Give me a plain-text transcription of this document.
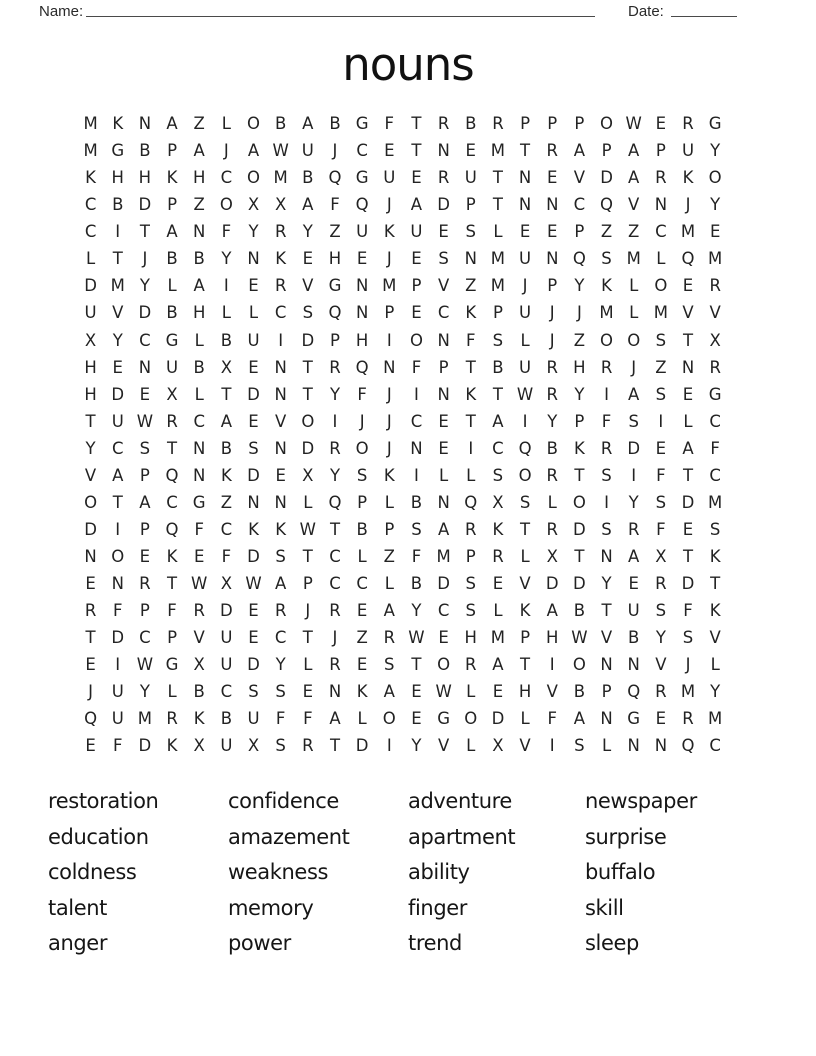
Name:	Date:
nouns
M K N A Z	L O B A B G F	T R B R P	P	P O W E R G
M G B	P	A	J	A W U	J	C E	T N E M T R A	P	A	P U Y
K H H K H C O M B Q G U E R U T N E V D A R K O
C B D P	Z O X X A	F Q	J	A D P	T N N C Q V N	J	Y
C	I	T A N F	Y R Y Z U K U E	S	L	E	E	P	Z Z C M E
L	T	J	B B Y N K	E H E	J	E	S N M U N Q S M L Q M
D M Y	L	A	I	E R V G N M P	V Z M	J	P	Y	K	L O E R
U V D B H L	L	C S Q N P	E C K	P U	J	J	M L M V V
X Y C G L	B U	I	D P H	I	O N F	S	L	J	Z O O S	T X
H E N U B X E N T R Q N F	P	T B U R H R	J	Z N R
H D E X	L	T D N T	Y	F	J	I	N K	T W R Y	I	A S	E G
T U W R C A E V O	I	J	J	C E	T A	I	Y	P	F	S	I	L	C
Y C S	T N B S N D R O	J	N E	I	C Q B K R D E A	F
V A	P Q N K D E X Y	S	K	I	L	L	S O R T	S	I	F	T C
O T A C G Z N N L Q P	L	B N Q X S	L O	I	Y	S D M
D	I	P Q F	C K K W T B	P	S A R K	T R D S R	F	E	S
N O E	K	E	F D S	T C	L	Z	F M P R	L	X T N A X T	K
E N R T W X W A	P C C	L	B D S	E V D D Y	E R D T
R	F	P	F	R D E R	J	R E A Y C S	L	K A B T U S	F	K
T D C P	V U E C T	J	Z R W E H M P H W V B Y	S V
E	I	W G X U D Y	L	R E	S	T O R A T	I	O N N V	J	L
J	U Y	L	B C S	S	E N K A E W L	E H V B	P Q R M Y
Q U M R K B U F	F	A	L O E G O D L	F	A N G E R M
E	F D K X U X S R T D	I	Y V	L	X V	I	S	L N N Q C
restoration	confidence	adventure	newspaper
education	amazement	apartment	surprise
coldness	weakness	ability	buffalo
talent	memory	finger	skill
anger	power	trend	sleep
